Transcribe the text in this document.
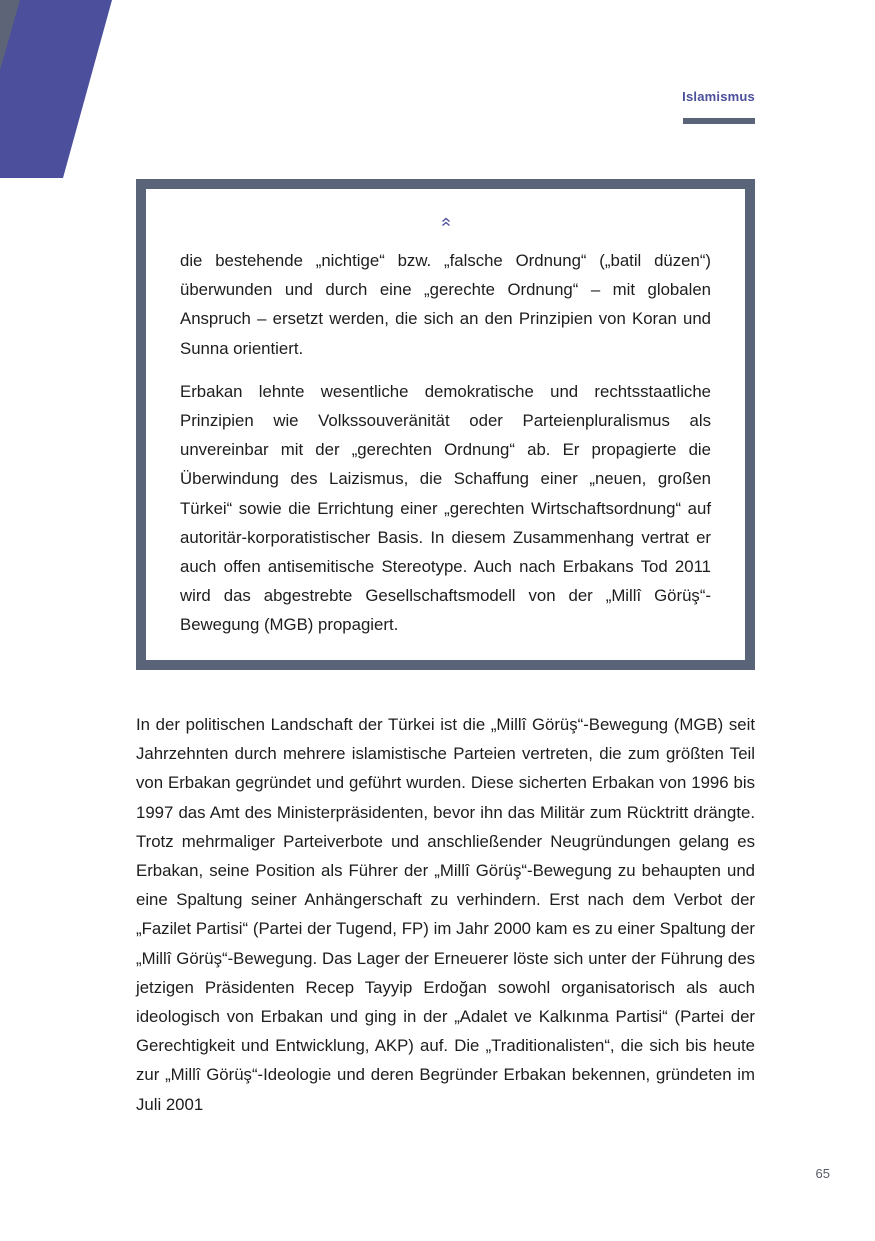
Islamismus

die bestehende „nichtige“ bzw. „falsche Ordnung“ („batil düzen“) überwunden und durch eine „gerechte Ordnung“ – mit globalen Anspruch – ersetzt werden, die sich an den Prinzipien von Koran und Sunna orientiert.

Erbakan lehnte wesentliche demokratische und rechtsstaatliche Prinzipien wie Volkssouveränität oder Parteienpluralismus als unvereinbar mit der „gerechten Ordnung“ ab. Er propagierte die Überwindung des Laizismus, die Schaffung einer „neuen, großen Türkei“ sowie die Errichtung einer „gerechten Wirtschaftsordnung“ auf autoritär-korporatistischer Basis. In diesem Zusammenhang vertrat er auch offen antisemitische Stereotype. Auch nach Erbakans Tod 2011 wird das abgestrebte Gesellschaftsmodell von der „Millî Görüş“-Bewegung (MGB) propagiert.

In der politischen Landschaft der Türkei ist die „Millî Görüş“-Bewegung (MGB) seit Jahrzehnten durch mehrere islamistische Parteien vertreten, die zum größten Teil von Erbakan gegründet und geführt wurden. Diese sicherten Erbakan von 1996 bis 1997 das Amt des Ministerpräsidenten, bevor ihn das Militär zum Rücktritt drängte. Trotz mehrmaliger Parteiverbote und anschließender Neugründungen gelang es Erbakan, seine Position als Führer der „Millî Görüş“-Bewegung zu behaupten und eine Spaltung seiner Anhängerschaft zu verhindern. Erst nach dem Verbot der „Fazilet Partisi“ (Partei der Tugend, FP) im Jahr 2000 kam es zu einer Spaltung der „Millî Görüş“-Bewegung. Das Lager der Erneuerer löste sich unter der Führung des jetzigen Präsidenten Recep Tayyip Erdoğan sowohl organisatorisch als auch ideologisch von Erbakan und ging in der „Adalet ve Kalkınma Partisi“ (Partei der Gerechtigkeit und Entwicklung, AKP) auf. Die „Traditionalisten“, die sich bis heute zur „Millî Görüş“-Ideologie und deren Begründer Erbakan bekennen, gründeten im Juli 2001

65
